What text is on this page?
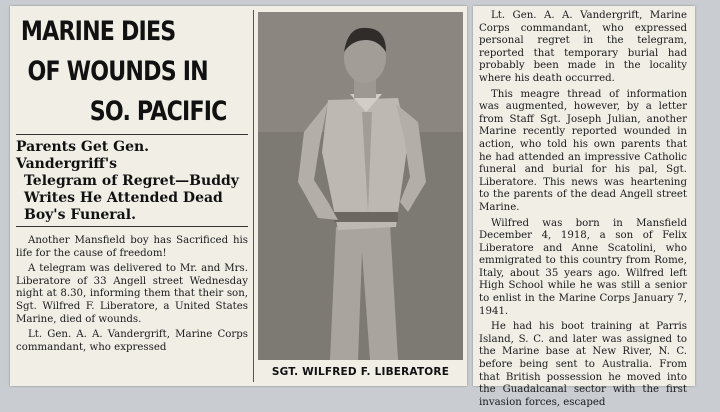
MARINE DIES
OF WOUNDS IN
SO. PACIFIC
Parents Get Gen. Vandergriff's
Telegram of Regret—Buddy
Writes He Attended Dead
Boy's Funeral.

Another Mansfield boy has Sacrificed his life for the cause of freedom!

A telegram was delivered to Mr. and Mrs. Liberatore of 33 Angell street Wednesday night at 8.30, informing them that their son, Sgt. Wilfred F. Liberatore, a United States Marine, died of wounds.

Lt. Gen. A. A. Vandergrift, Marine Corps commandant, who expressed

SGT. WILFRED F. LIBERATORE

Lt. Gen. A. A. Vandergrift, Marine Corps commandant, who expressed personal regret in the telegram, reported that temporary burial had probably been made in the locality where his death occurred.

This meagre thread of information was augmented, however, by a letter from Staff Sgt. Joseph Julian, another Marine recently reported wounded in action, who told his own parents that he had attended an impressive Catholic funeral and burial for his pal, Sgt. Liberatore. This news was heartening to the parents of the dead Angell street Marine.

Wilfred was born in Mansfield December 4, 1918, a son of Felix Liberatore and Anne Scatolini, who emmigrated to this country from Rome, Italy, about 35 years ago. Wilfred left High School while he was still a senior to enlist in the Marine Corps January 7, 1941.

He had his boot training at Parris Island, S. C. and later was assigned to the Marine base at New River, N. C. before being sent to Australia. From that British possession he moved into the Guadalcanal sector with the first invasion forces, escaped
